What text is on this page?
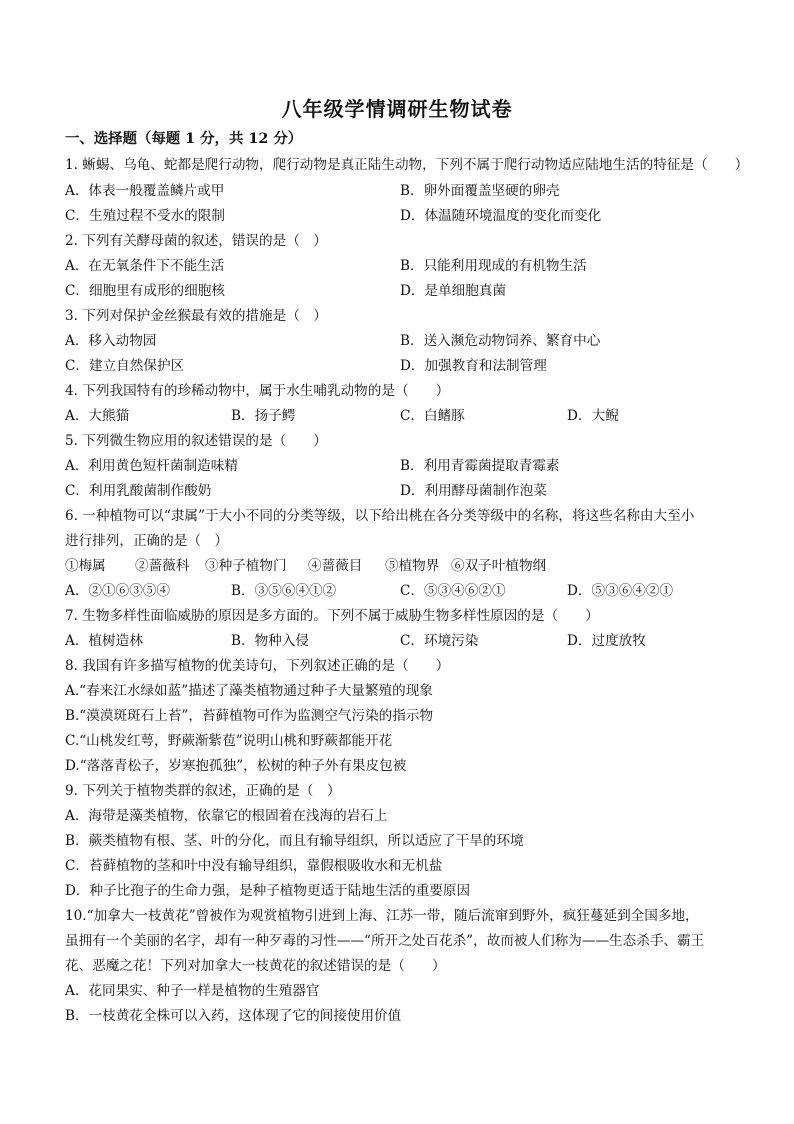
八年级学情调研生物试卷
一、选择题（每题 1 分，共 12 分）
1. 蜥蜴、乌龟、蛇都是爬行动物，爬行动物是真正陆生动物，下列不属于爬行动物适应陆地生活的特征是（　　）
A．体表一般覆盖鳞片或甲	B．卵外面覆盖坚硬的卵壳
C．生殖过程不受水的限制	D．体温随环境温度的变化而变化
2. 下列有关酵母菌的叙述，错误的是（　）
A．在无氧条件下不能生活	B．只能利用现成的有机物生活
C．细胞里有成形的细胞核	D．是单细胞真菌
3. 下列对保护金丝猴最有效的措施是（　）
A．移入动物园	B．送入濒危动物饲养、繁育中心
C．建立自然保护区	D．加强教育和法制管理
4. 下列我国特有的珍稀动物中，属于水生哺乳动物的是（　　）
A．大熊猫	B．扬子鳄	C．白鳍豚	D．大鲵
5. 下列微生物应用的叙述错误的是（　　）
A．利用黄色短杆菌制造味精	B．利用青霉菌提取青霉素
C．利用乳酸菌制作酸奶	D．利用酵母菌制作泡菜
6. 一种植物可以“隶属”于大小不同的分类等级，以下给出桃在各分类等级中的名称，将这些名称由大至小
进行排列，正确的是（　）
①梅属 ②蔷薇科 ③种子植物门 ④蔷薇目 ⑤植物界 ⑥双子叶植物纲
A．②①⑥③⑤④	B．③⑤⑥④①②	C．⑤③④⑥②①	D．⑤③⑥④②①
7. 生物多样性面临威胁的原因是多方面的。下列不属于威胁生物多样性原因的是（　　）
A．植树造林	B．物种入侵	C．环境污染	D．过度放牧
8. 我国有许多描写植物的优美诗句，下列叙述正确的是（　　）
A.“春来江水绿如蓝”描述了藻类植物通过种子大量繁殖的现象
B.“漠漠斑斑石上苔”，苔藓植物可作为监测空气污染的指示物
C.“山桃发红萼，野蕨渐紫苞”说明山桃和野蕨都能开花
D.“落落青松子，岁寒抱孤独”，松树的种子外有果皮包被
9. 下列关于植物类群的叙述，正确的是（　）
A．海带是藻类植物，依靠它的根固着在浅海的岩石上
B．蕨类植物有根、茎、叶的分化，而且有输导组织，所以适应了干旱的环境
C．苔藓植物的茎和叶中没有输导组织，靠假根吸收水和无机盐
D．种子比孢子的生命力强，是种子植物更适于陆地生活的重要原因
10.“加拿大一枝黄花”曾被作为观赏植物引进到上海、江苏一带，随后流窜到野外，疯狂蔓延到全国多地，
虽拥有一个美丽的名字，却有一种歹毒的习性——“所开之处百花杀”，故而被人们称为——生态杀手、霸王
花、恶魔之花！下列对加拿大一枝黄花的叙述错误的是（　　）
A．花同果实、种子一样是植物的生殖器官
B．一枝黄花全株可以入药，这体现了它的间接使用价值
